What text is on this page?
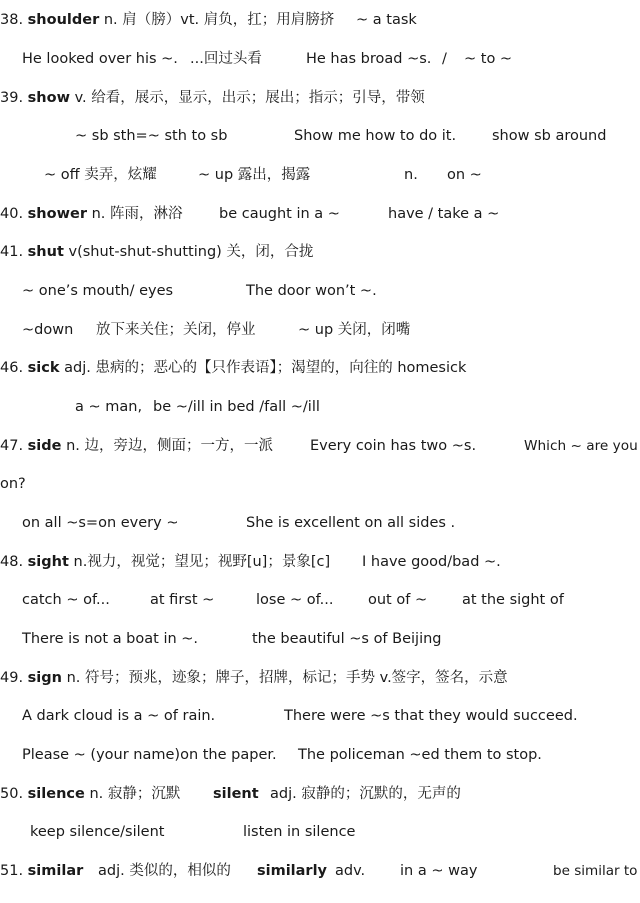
38. shoulder n. 肩（膀）vt. 肩负，扛；用肩膀挤 ~ a task
He looked over his ~. ...回过头看	He has broad ~s. / ~ to ~
39. show v. 给看，展示，显示，出示；展出；指示；引导，带领
~ sb sth=~ sth to sb	Show me how to do it. show sb around
~ off 卖弄，炫耀	~ up 露出，揭露	n. on ~
40. shower n. 阵雨，淋浴	be caught in a ~	have / take a ~
41. shut v(shut-shut-shutting) 关，闭，合拢
~ one’s mouth/ eyes	The door won’t ~.
~down 放下来关住；关闭，停业	~ up 关闭，闭嘴
46. sick adj. 患病的；恶心的【只作表语】；渴望的，向往的 homesick
a ~ man, be ~/ill in bed /fall ~/ill
47. side n. 边，旁边，侧面；一方，一派	Every coin has two ~s.	Which ~ are you
on?
on all ~s=on every ~	She is excellent on all sides .
48. sight n.视力，视觉；望见；视野[u]；景象[c] I have good/bad ~.
catch ~ of...	at first ~	lose ~ of... out of ~ at the sight of
There is not a boat in ~.	the beautiful ~s of Beijing
49. sign n. 符号；预兆，迹象；牌子，招牌，标记；手势 v.签字，签名，示意
A dark cloud is a ~ of rain.	There were ~s that they would succeed.
Please ~ (your name)on the paper. The policeman ~ed them to stop.
50. silence n. 寂静；沉默 silent adj. 寂静的；沉默的，无声的
keep silence/silent	listen in silence
51. similar adj. 类似的，相似的 similarly adv. in a ~ way	be similar to
